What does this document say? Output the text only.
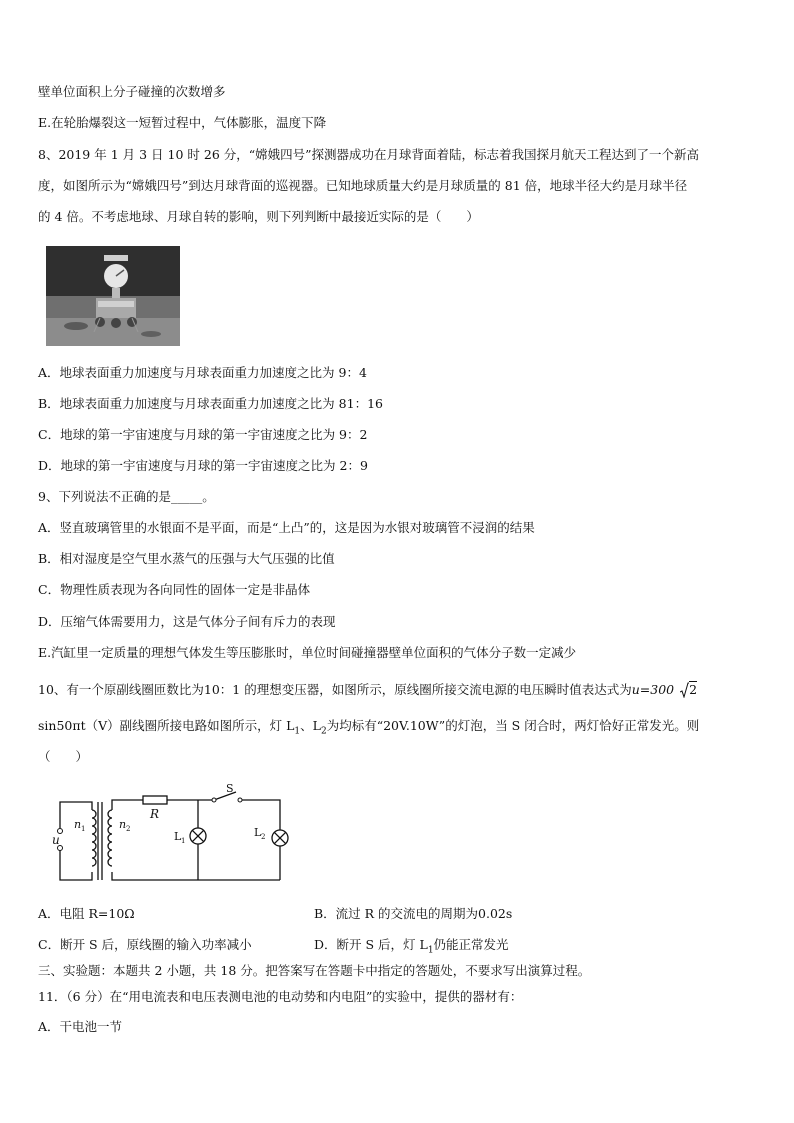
壁单位面积上分子碰撞的次数增多
E.在轮胎爆裂这一短暂过程中，气体膨胀，温度下降
8、2019 年 1 月 3 日 10 时 26 分，“嫦娥四号”探测器成功在月球背面着陆，标志着我国探月航天工程达到了一个新高
度，如图所示为“嫦娥四号”到达月球背面的巡视器。已知地球质量大约是月球质量的 81 倍，地球半径大约是月球半径
的 4 倍。不考虑地球、月球自转的影响，则下列判断中最接近实际的是（　　）
A．地球表面重力加速度与月球表面重力加速度之比为 9：4
B．地球表面重力加速度与月球表面重力加速度之比为 81：16
C．地球的第一宇宙速度与月球的第一宇宙速度之比为 9：2
D．地球的第一宇宙速度与月球的第一宇宙速度之比为 2：9
9、下列说法不正确的是_____。
A．竖直玻璃管里的水银面不是平面，而是“上凸”的，这是因为水银对玻璃管不浸润的结果
B．相对湿度是空气里水蒸气的压强与大气压强的比值
C．物理性质表现为各向同性的固体一定是非晶体
D．压缩气体需要用力，这是气体分子间有斥力的表现
E.汽缸里一定质量的理想气体发生等压膨胀时，单位时间碰撞器壁单位面积的气体分子数一定减少
10、有一个原副线圈匝数比为10：1 的理想变压器，如图所示，原线圈所接交流电源的电压瞬时值表达式为u=300 2
sin50πt（V）副线圈所接电路如图所示，灯 $L_1$、$L_2$为均标有“20V.10W”的灯泡，当 S 闭合时，两灯恰好正常发光。则
（　　）
u
n 1	n 2
R
S
L 1
L 2
A．电阻 R=10Ω	B．流过 R 的交流电的周期为0.02s
C．断开 S 后，原线圈的输入功率减小	D．断开 S 后，灯 $L_1$仍能正常发光
三、实验题：本题共 2 小题，共 18 分。把答案写在答题卡中指定的答题处，不要求写出演算过程。
11．（6 分）在“用电流表和电压表测电池的电动势和内电阻”的实验中，提供的器材有：
A．干电池一节
